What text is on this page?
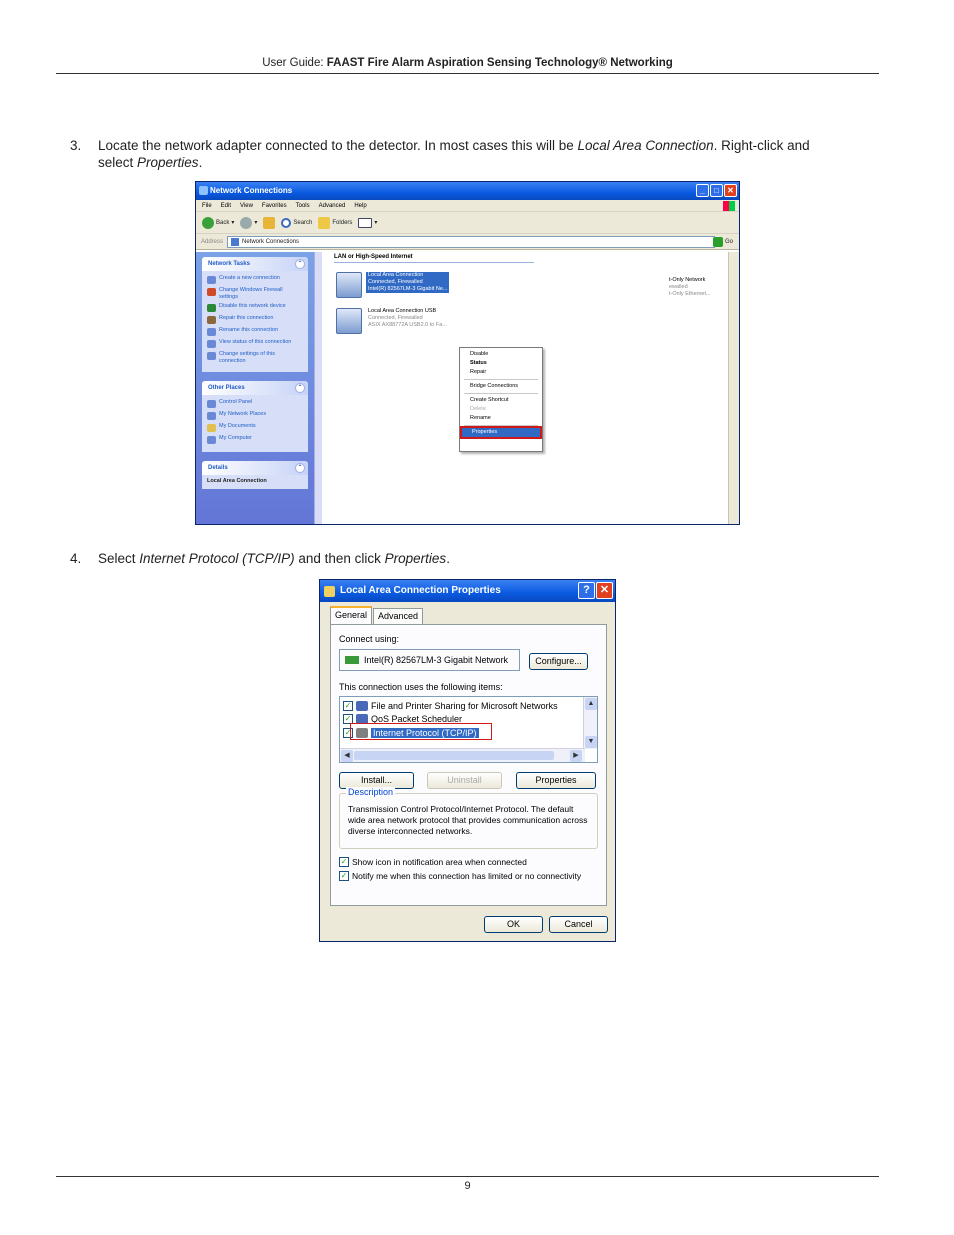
User Guide: FAAST Fire Alarm Aspiration Sensing Technology® Networking
3. Locate the network adapter connected to the detector. In most cases this will be Local Area Connection. Right-click and
select Properties.
Network Connections	_	□	✕
File Edit View Favorites Tools Advanced Help
Back ▾	▾	Search	Folders	▾
Address	Network Connections	Go
Network Tasks	⌃
Create a new connection
Change Windows Firewall settings
Disable this network device
Repair this connection
Rename this connection
View status of this connection
Change settings of this connection
Other Places	⌃
Control Panel
My Network Places
My Documents
My Computer
Details	⌃
Local Area Connection
LAN or High-Speed Internet
Local Area Connection
Connected, Firewalled
Intel(R) 82567LM-3 Gigabit Ne...
Local Area Connection USB
Connected, Firewalled
ASIX AX88772A USB2.0 to Fa...
t-Only Network
ewalled
t-Only Ethernet...
Disable
Status
Repair
Bridge Connections
Create Shortcut
Delete
Rename
Properties
4. Select Internet Protocol (TCP/IP) and then click Properties.
Local Area Connection Properties	? ✕
General	Advanced
Connect using:
Intel(R) 82567LM-3 Gigabit Network	Configure...
This connection uses the following items:
✓ File and Printer Sharing for Microsoft Networks
✓ QoS Packet Scheduler
✓ Internet Protocol (TCP/IP)
▲
▼
◀	▶
Install...	Uninstall	Properties
Description
Transmission Control Protocol/Internet Protocol. The default wide area network protocol that provides communication across diverse interconnected networks.
✓ Show icon in notification area when connected
✓ Notify me when this connection has limited or no connectivity
OK	Cancel
9
